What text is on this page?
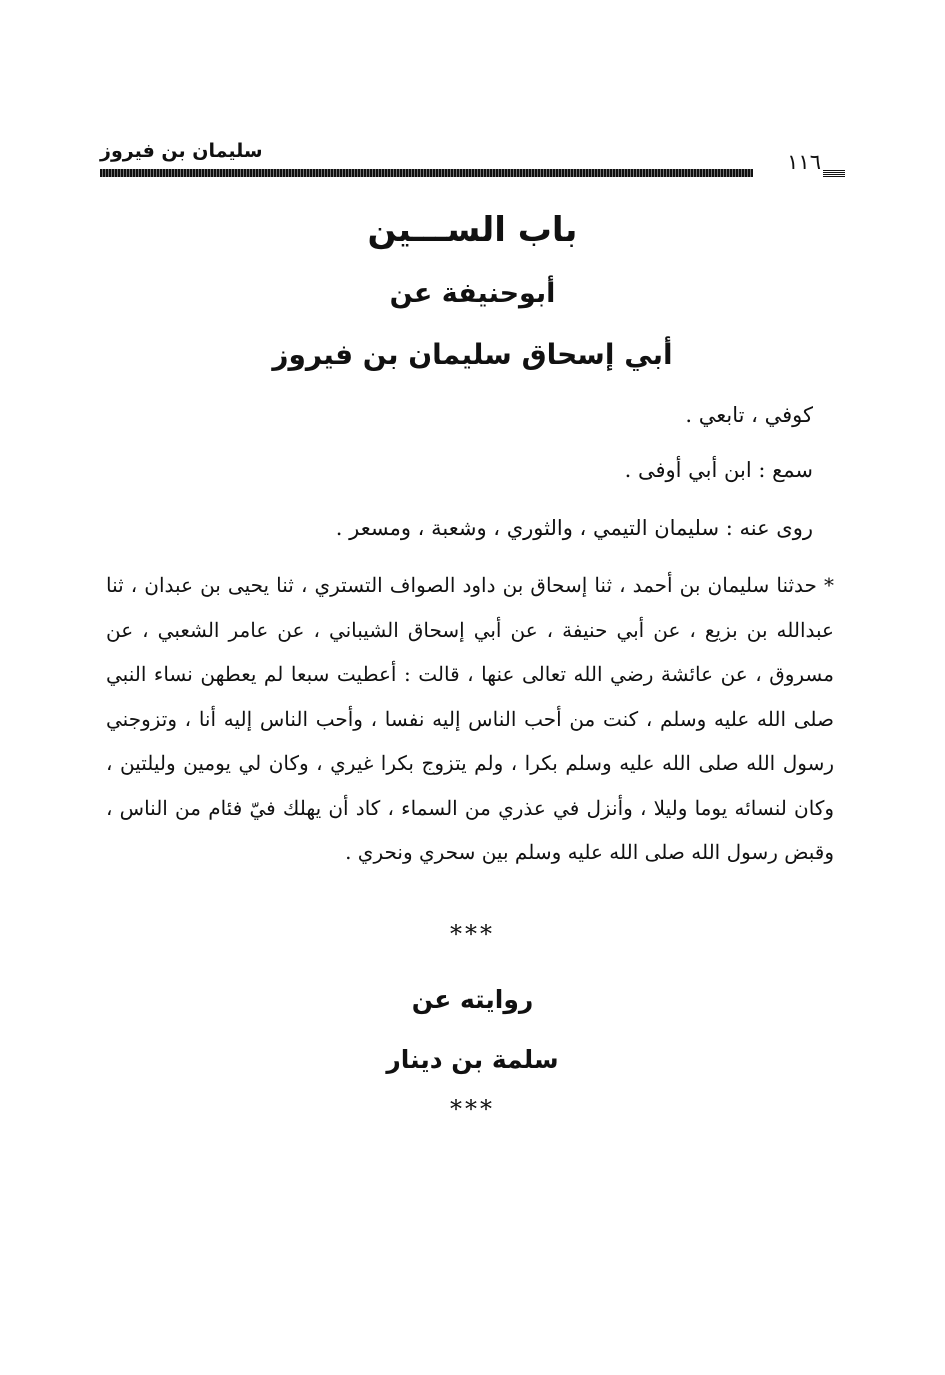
سليمان بن فيروز	١١٦
باب الســـين
أبوحنيفة عن
أبي إسحاق سليمان بن فيروز
كوفي ، تابعي .
سمع : ابن أبي أوفى .
روى عنه : سليمان التيمي ، والثوري ، وشعبة ، ومسعر .
* حدثنا سليمان بن أحمد ، ثنا إسحاق بن داود الصواف التستري ، ثنا يحيى بن عبدان ، ثنا عبدالله بن بزيع ، عن أبي حنيفة ، عن أبي إسحاق الشيباني ، عن عامر الشعبي ، عن مسروق ، عن عائشة رضي الله تعالى عنها ، قالت : أعطيت سبعا لم يعطهن نساء النبي صلى الله عليه وسلم ، كنت من أحب الناس إليه نفسا ، وأحب الناس إليه أنا ، وتزوجني رسول الله صلى الله عليه وسلم بكرا ، ولم يتزوج بكرا غيري ، وكان لي يومين وليلتين ، وكان لنسائه يوما وليلا ، وأنزل في عذري من السماء ، كاد أن يهلك فيّ فئام من الناس ، وقبض رسول الله صلى الله عليه وسلم بين سحري ونحري .
***
روايته عن
سلمة بن دينار
***
